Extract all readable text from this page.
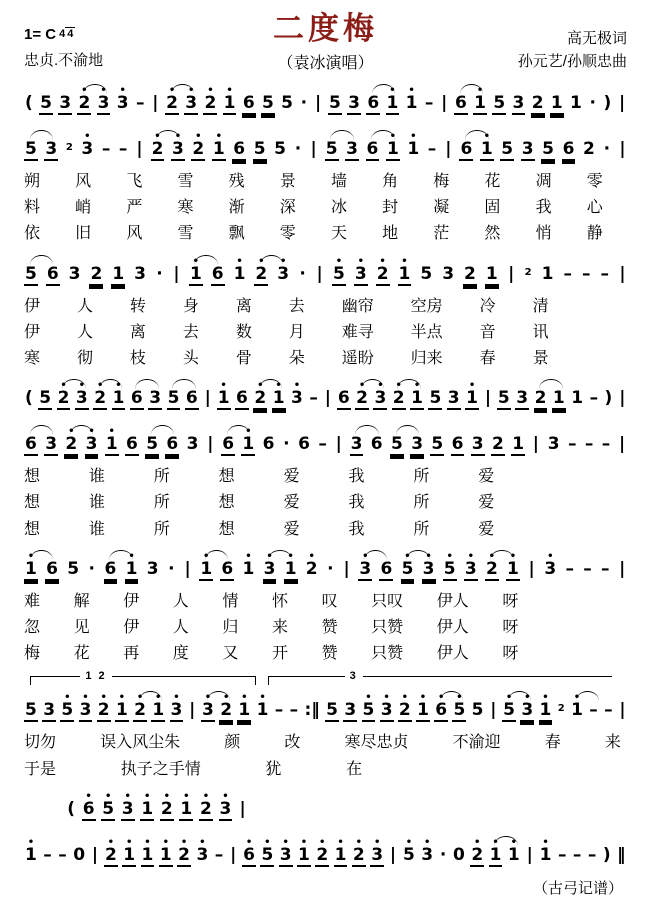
1= C 4 4
忠贞.不渝地
二度梅
（袁冰演唱）
高无极词
孙元艺/孙顺忠曲

(
5
3
•
2
•
3
•
3
–
|
•
2
•
3
•
2
•
1
6
5
5
·
|
5
3
6
•
1
•
1
–
|
6
•
1
5
3
2
1
1
·
)
|

5
3
2
•
3
–
–
|
•
2
•
3
•
2
•
1
6
5
5
·
|
5
3
6
•
1
•
1
–
|
6
•
1
5
3
5
6
2
·
|
朔 风 飞 雪 残 景 墙 角 梅 花 凋 零
料 峭 严 寒 渐 深 冰 封 凝 固 我 心
依 旧 风 雪 飘 零 天 地 茫 然 悄 静

5
6
3
2
1
3
·
|
•
1
6
•
1
•
2
•
3
·
|
•
5
•
3
•
2
•
1
5
3
2
1
|
2
1
–
–
–
|
伊 人 转 身 离 去 幽帘 空房 冷 清
伊 人 离 去 数 月 难寻 半点 音 讯
寒 彻 枝 头 骨 朵 遥盼 归来 春 景

(
5
•
2
•
3
•
2
•
1
6
3
5
6
|
•
1
6
•
2
•
1
•
3
–
|
6
•
2
•
3
•
2
•
1
5
3
•
1
|
5
3
2
1
1
–
)
|

6
3
•
2
•
3
•
1
6
5
6
3
|
6
•
1
6
·
6
–
|
3
6
5
3
5
6
3
2
1
|
3
–
–
–
|
想	谁	所	想	爱	我	所	爱
想	谁	所	想	爱	我	所	爱
想	谁	所	想	爱	我	所	爱
•
1
6
5
·
6
•
1
3
·
|
•
1
6
•
1
•
3
•
1
•
2
·
|
•
3
6
•
5
•
3
•
5
•
3
•
2
•
1
|
•
3
–
–
–
|
难 解 伊 人 情 怀 叹 只叹 伊人 呀
忽 见 伊 人 归 来 赞 只赞 伊人 呀
梅 花 再 度 又 开 赞 只赞 伊人 呀
1 2	3

5
3
•
5
•
3
•
2
•
1
•
2
•
1
•
3
|
•
3
•
2
•
1
•
1
–
–
:‖
5
3
•
5
•
3
•
2
•
1
•
6
•
5
5
|
•
5
•
3
•
1
2
•
1
–
–
|
切勿	误入风尘朱	颜	改	寒尽忠贞	不渝迎	春	来
于是	执子之手情	犹	在

(
•
6
•
5
•
3
•
1
•
2
•
1
•
2
•
3
|
•
1
–
–
0
|
•
2
•
1
•
1
•
1
•
2
•
3
–
|
•
6
•
5
•
3
•
1
•
2
•
1
•
2
•
3
|
•
5
•
3
·
0
•
2
•
1
•
1
|
•
1
–
–
–
)
‖
（古弓记谱）
